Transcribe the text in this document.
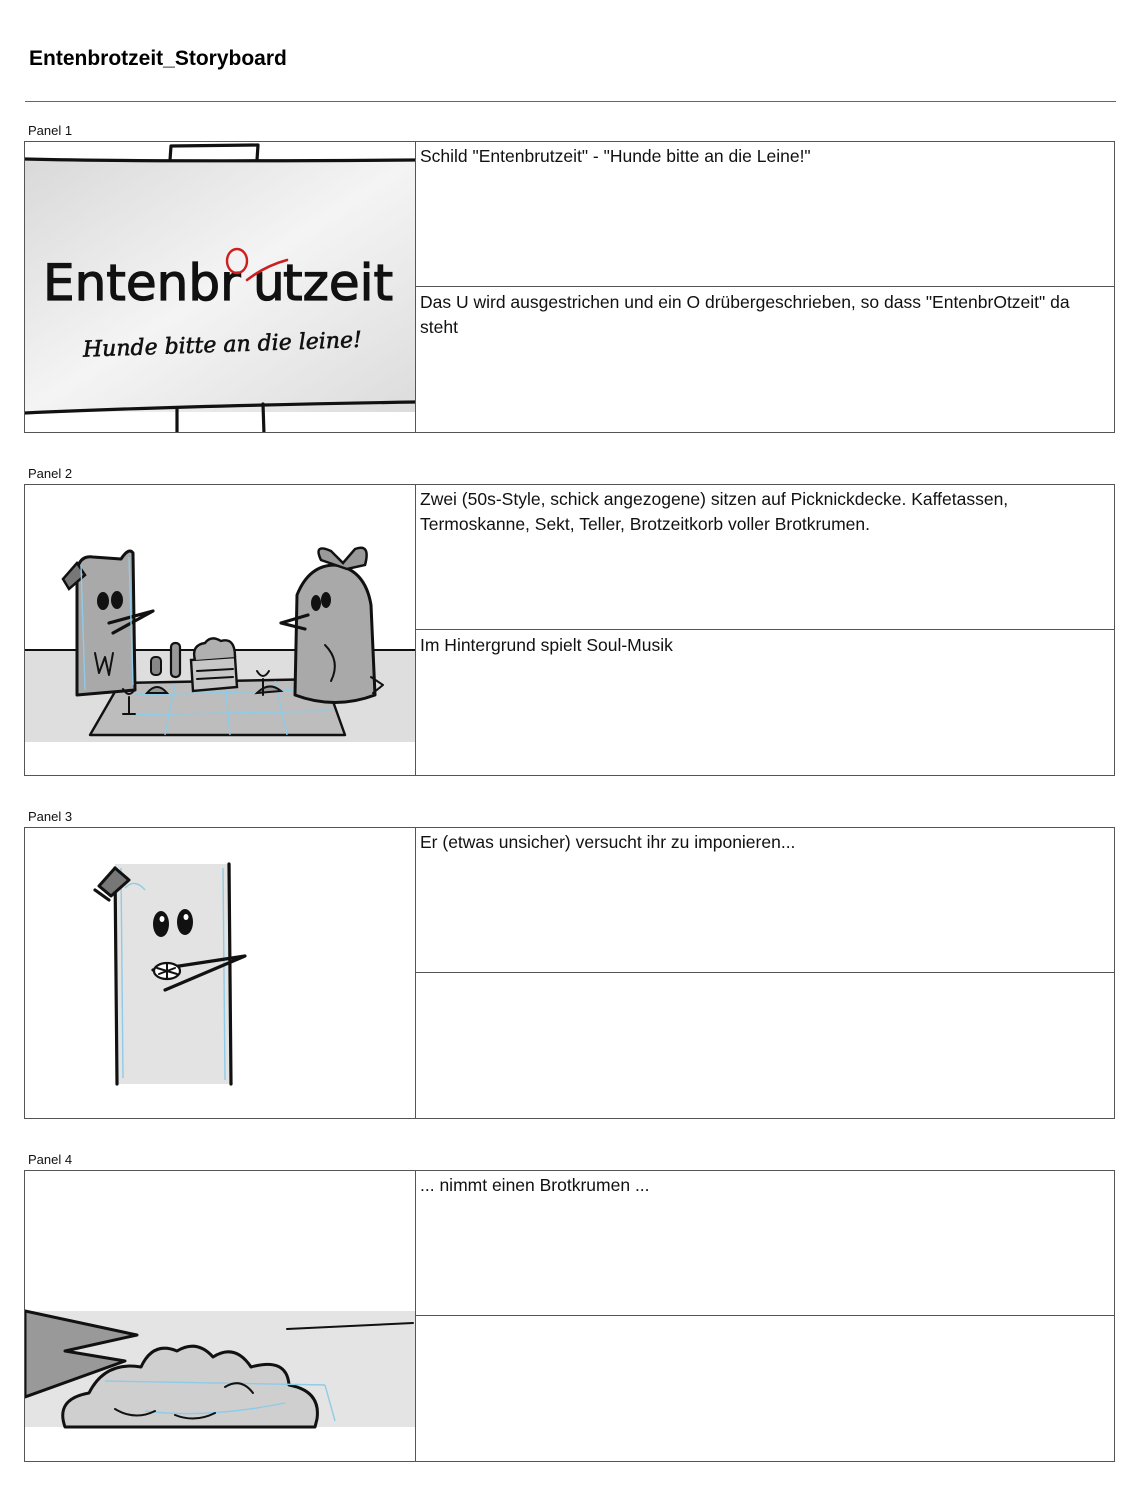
Entenbrotzeit_Storyboard
Panel 1
Entenbr u
tzeit
Hunde bitte an die leine!
Schild "Entenbrutzeit" - "Hunde bitte an die Leine!"
Das U wird ausgestrichen und ein O drübergeschrieben, so dass "EntenbrOtzeit" da steht
Panel 2
Zwei (50s-Style, schick angezogene) sitzen auf Picknickdecke. Kaffetassen, Termoskanne, Sekt, Teller, Brotzeitkorb voller Brotkrumen.
Im Hintergrund spielt Soul-Musik
Panel 3
Er (etwas unsicher) versucht ihr zu imponieren...
Panel 4
... nimmt einen Brotkrumen ...
